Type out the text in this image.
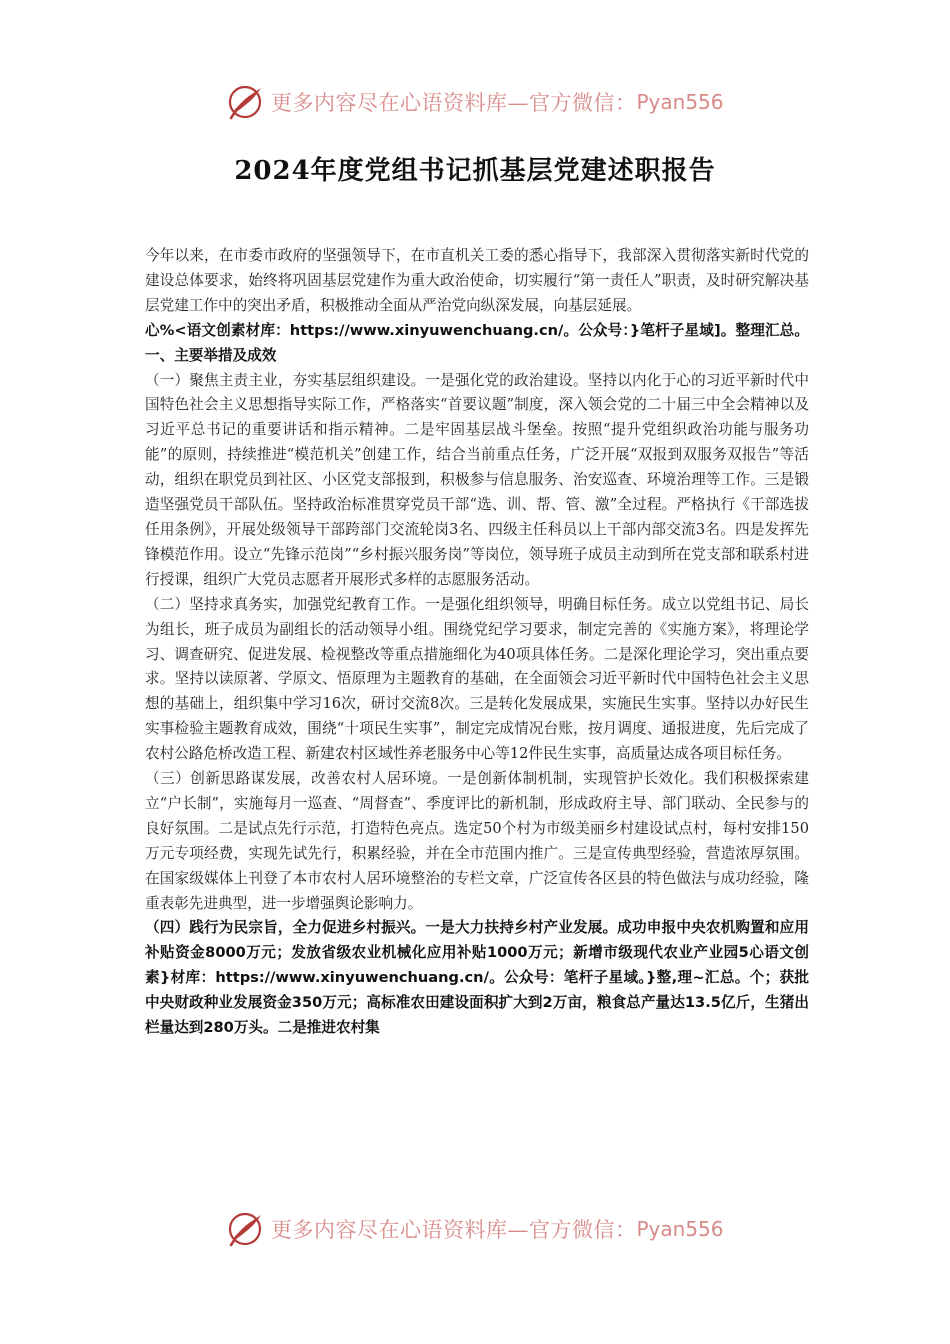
更多内容尽在心语资料库—官方微信： Pyan556
2024年度党组书记抓基层党建述职报告

今年以来，在市委市政府的坚强领导下，在市直机关工委的悉心指导下，我部深入贯彻落实新时代党的建设总体要求，始终将巩固基层党建作为重大政治使命，切实履行“第一责任人”职责，及时研究解决基层党建工作中的突出矛盾，积极推动全面从严治党向纵深发展，向基层延展。

心%<语文创素材库：https://www.xinyuwenchuang.cn/。公众号：}笔杆子星域]。整理汇总。一、主要举措及成效

（一）聚焦主责主业，夯实基层组织建设。一是强化党的政治建设。坚持以内化于心的习近平新时代中国特色社会主义思想指导实际工作，严格落实“首要议题”制度，深入领会党的二十届三中全会精神以及习近平总书记的重要讲话和指示精神。二是牢固基层战斗堡垒。按照“提升党组织政治功能与服务功能”的原则，持续推进“模范机关”创建工作，结合当前重点任务，广泛开展“双报到双服务双报告”等活动，组织在职党员到社区、小区党支部报到，积极参与信息服务、治安巡查、环境治理等工作。三是锻造坚强党员干部队伍。坚持政治标准贯穿党员干部“选、训、帮、管、激”全过程。严格执行《干部选拔任用条例》，开展处级领导干部跨部门交流轮岗3名、四级主任科员以上干部内部交流3名。四是发挥先锋模范作用。设立“先锋示范岗”“乡村振兴服务岗”等岗位，领导班子成员主动到所在党支部和联系村进行授课，组织广大党员志愿者开展形式多样的志愿服务活动。

（二）坚持求真务实，加强党纪教育工作。一是强化组织领导，明确目标任务。成立以党组书记、局长为组长，班子成员为副组长的活动领导小组。围绕党纪学习要求，制定完善的《实施方案》，将理论学习、调查研究、促进发展、检视整改等重点措施细化为40项具体任务。二是深化理论学习，突出重点要求。坚持以读原著、学原文、悟原理为主题教育的基础，在全面领会习近平新时代中国特色社会主义思想的基础上，组织集中学习16次，研讨交流8次。三是转化发展成果，实施民生实事。坚持以办好民生实事检验主题教育成效，围绕“十项民生实事”，制定完成情况台账，按月调度、通报进度，先后完成了农村公路危桥改造工程、新建农村区域性养老服务中心等12件民生实事，高质量达成各项目标任务。

（三）创新思路谋发展，改善农村人居环境。一是创新体制机制，实现管护长效化。我们积极探索建立“户长制”，实施每月一巡查、“周督查”、季度评比的新机制，形成政府主导、部门联动、全民参与的良好氛围。二是试点先行示范，打造特色亮点。选定50个村为市级美丽乡村建设试点村，每村安排150万元专项经费，实现先试先行，积累经验，并在全市范围内推广。三是宣传典型经验，营造浓厚氛围。在国家级媒体上刊登了本市农村人居环境整治的专栏文章，广泛宣传各区县的特色做法与成功经验，隆重表彰先进典型，进一步增强舆论影响力。

（四）践行为民宗旨，全力促进乡村振兴。一是大力扶持乡村产业发展。成功申报中央农机购置和应用补贴资金8000万元；发放省级农业机械化应用补贴1000万元；新增市级现代农业产业园5心语文创素}材库：https://www.xinyuwenchuang.cn/。公众号：笔杆子星域。}整,理~汇总。个；获批中央财政种业发展资金350万元；高标准农田建设面积扩大到2万亩，粮食总产量达13.5亿斤，生猪出栏量达到280万头。二是推进农村集

更多内容尽在心语资料库—官方微信： Pyan556
